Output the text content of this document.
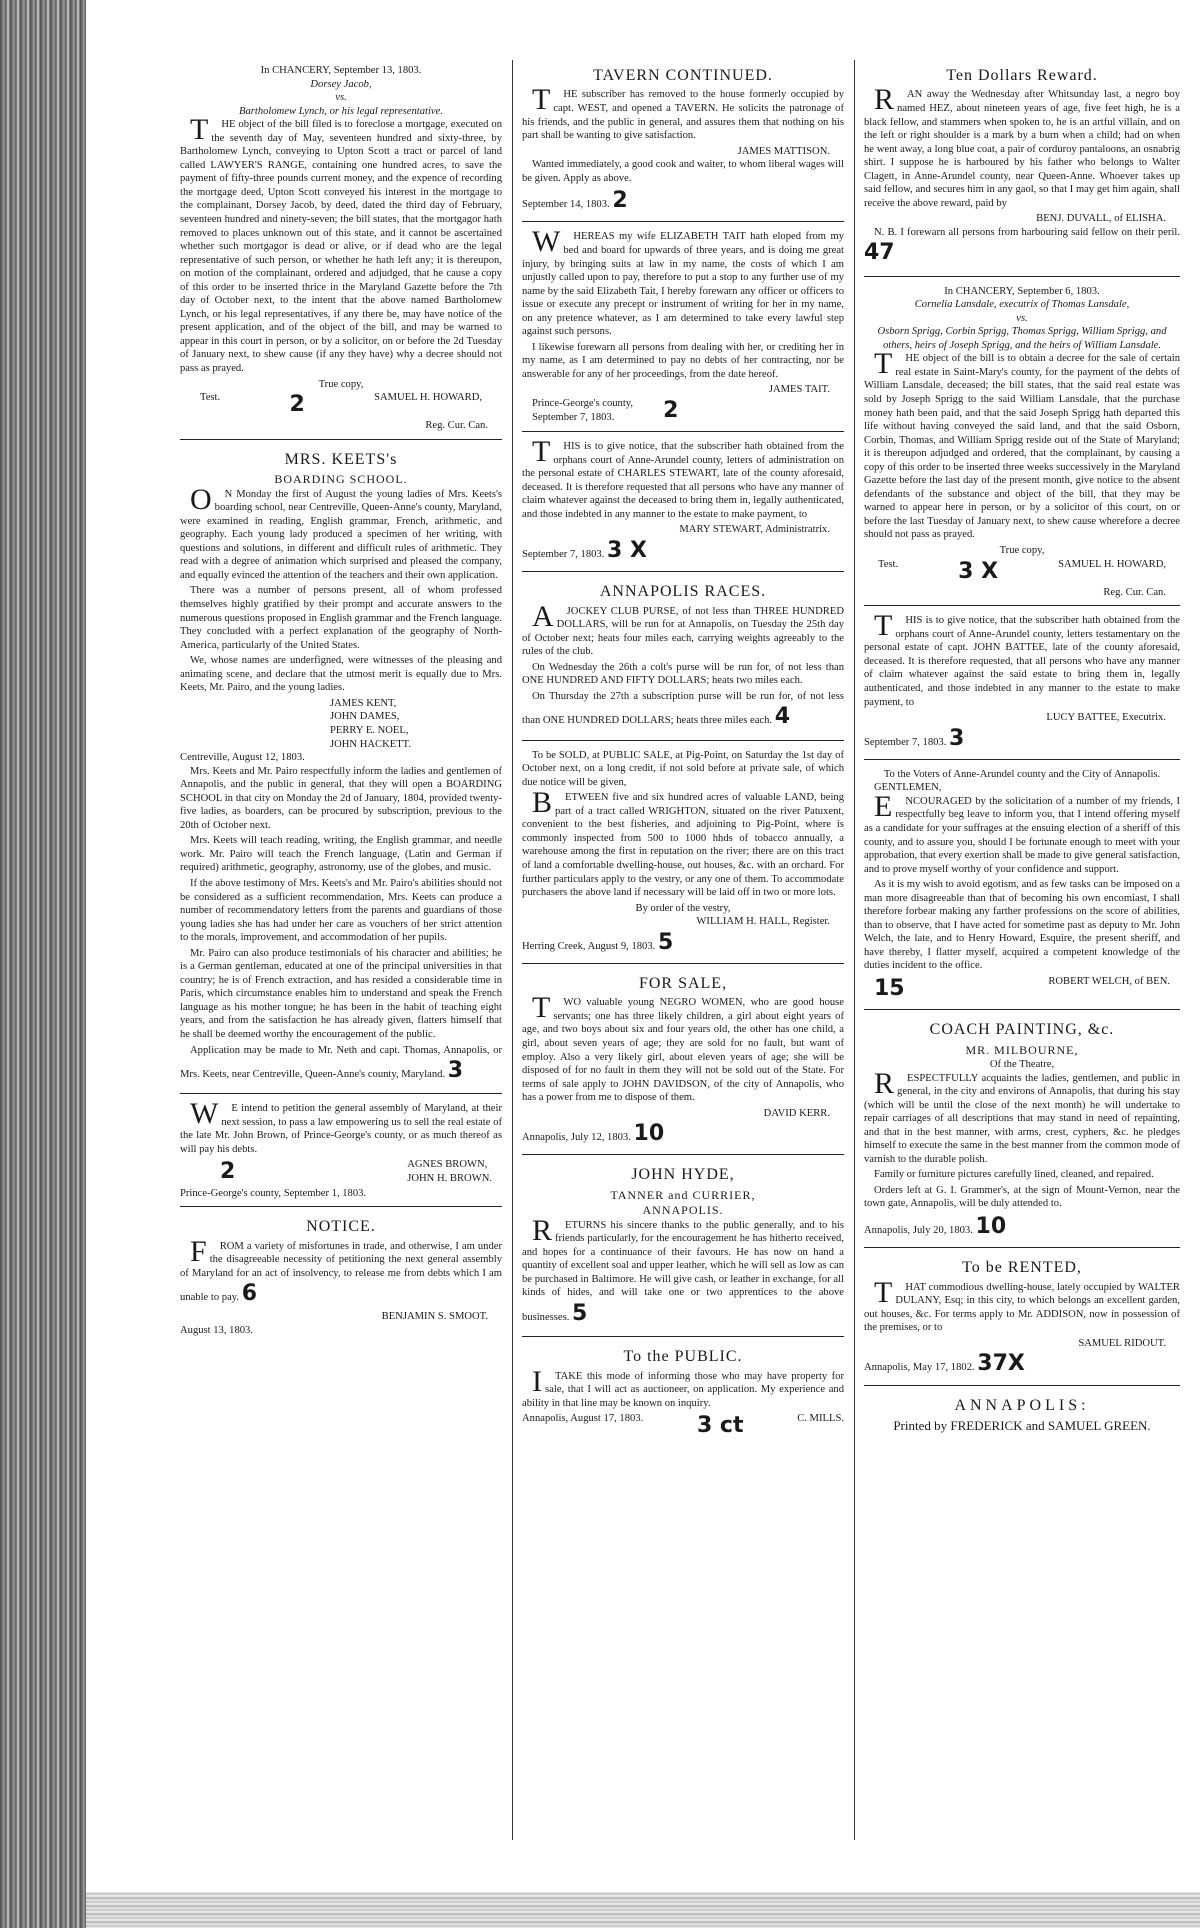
In CHANCERY, September 13, 1803.
Dorsey Jacob,
vs.
Bartholomew Lynch, or his legal representative.

THE object of the bill filed is to foreclose a mortgage, executed on the seventh day of May, seventeen hundred and sixty-three, by Bartholomew Lynch, conveying to Upton Scott a tract or parcel of land called LAWYER'S RANGE, containing one hundred acres, to save the payment of fifty-three pounds current money, and the expence of recording the mortgage deed, Upton Scott conveyed his interest in the mortgage to the complainant, Dorsey Jacob, by deed, dated the third day of February, seventeen hundred and ninety-seven; the bill states, that the mortgagor hath removed to places unknown out of this state, and it cannot be ascertained whether such mortgagor is dead or alive, or if dead who are the legal representative of such person, or whether he hath left any; it is thereupon, on motion of the complainant, ordered and adjudged, that he cause a copy of this order to be inserted thrice in the Maryland Gazette before the 7th day of October next, to the intent that the above named Bartholomew Lynch, or his legal representatives, if any there be, may have notice of the present application, and of the object of the bill, and may be warned to appear in this court in person, or by a solicitor, on or before the 2d Tuesday of January next, to shew cause (if any they have) why a decree should not pass as prayed.

True copy,
Test.	2	SAMUEL H. HOWARD,
Reg. Cur. Can.
MRS. KEETS's
BOARDING SCHOOL.

ON Monday the first of August the young ladies of Mrs. Keets's boarding school, near Centreville, Queen-Anne's county, Maryland, were examined in reading, English grammar, French, arithmetic, and geography. Each young lady produced a specimen of her writing, with questions and solutions, in different and difficult rules of arithmetic. They read with a degree of animation which surprised and pleased the company, and equally evinced the attention of the teachers and their own application.

There was a number of persons present, all of whom professed themselves highly gratified by their prompt and accurate answers to the numerous questions proposed in English grammar and the French language. They concluded with a perfect explanation of the geography of North-America, particularly of the United States.

We, whose names are underfigned, were witnesses of the pleasing and animating scene, and declare that the utmost merit is equally due to Mrs. Keets, Mr. Pairo, and the young ladies.

JAMES KENT,
JOHN DAMES,
PERRY E. NOEL,
JOHN HACKETT.
Centreville, August 12, 1803.

Mrs. Keets and Mr. Pairo respectfully inform the ladies and gentlemen of Annapolis, and the public in general, that they will open a BOARDING SCHOOL in that city on Monday the 2d of January, 1804, provided twenty-five ladies, as boarders, can be procured by subscription, previous to the 20th of October next.

Mrs. Keets will teach reading, writing, the English grammar, and needle work. Mr. Pairo will teach the French language, (Latin and German if required) arithmetic, geography, astronomy, use of the globes, and music.

If the above testimony of Mrs. Keets's and Mr. Pairo's abilities should not be considered as a sufficient recommendation, Mrs. Keets can produce a number of recommendatory letters from the parents and guardians of those young ladies she has had under her care as vouchers of her strict attention to the morals, improvement, and accommodation of her pupils.

Mr. Pairo can also produce testimonials of his character and abilities; he is a German gentleman, educated at one of the principal universities in that country; he is of French extraction, and has resided a considerable time in Paris, which circumstance enables him to understand and speak the French language as his mother tongue; he has been in the habit of teaching eight years, and from the satisfaction he has already given, flatters himself that he shall be deemed worthy the encouragement of the public.

Application may be made to Mr. Neth and capt. Thomas, Annapolis, or Mrs. Keets, near Centreville, Queen-Anne's county, Maryland. 3

WE intend to petition the general assembly of Maryland, at their next session, to pass a law empowering us to sell the real estate of the late Mr. John Brown, of Prince-George's county, or as much thereof as will pay his debts.

2	AGNES BROWN,
JOHN H. BROWN.
Prince-George's county, September 1, 1803.
NOTICE.

FROM a variety of misfortunes in trade, and otherwise, I am under the disagreeable necessity of petitioning the next general assembly of Maryland for an act of insolvency, to release me from debts which I am unable to pay. 6

BENJAMIN S. SMOOT.
August 13, 1803.
TAVERN CONTINUED.

THE subscriber has removed to the house formerly occupied by capt. WEST, and opened a TAVERN. He solicits the patronage of his friends, and the public in general, and assures them that nothing on his part shall be wanting to give satisfaction.

JAMES MATTISON.

Wanted immediately, a good cook and waiter, to whom liberal wages will be given. Apply as above.

September 14, 1803. 2

WHEREAS my wife ELIZABETH TAIT hath eloped from my bed and board for upwards of three years, and is doing me great injury, by bringing suits at law in my name, the costs of which I am unjustly called upon to pay, therefore to put a stop to any further use of my name by the said Elizabeth Tait, I hereby forewarn any officer or officers to issue or execute any precept or instrument of writing for her in my name, on any pretence whatever, as I am determined to take every lawful step against such persons.

I likewise forewarn all persons from dealing with her, or crediting her in my name, as I am determined to pay no debts of her contracting, nor be answerable for any of her proceedings, from the date hereof.

JAMES TAIT.
Prince-George's county,
September 7, 1803.	2

THIS is to give notice, that the subscriber hath obtained from the orphans court of Anne-Arundel county, letters of administration on the personal estate of CHARLES STEWART, late of the county aforesaid, deceased. It is therefore requested that all persons who have any manner of claim whatever against the deceased to bring them in, legally authenticated, and those indebted in any manner to the estate to make payment, to

MARY STEWART, Administratrix.
September 7, 1803. 3 X
ANNAPOLIS RACES.

AJOCKEY CLUB PURSE, of not less than THREE HUNDRED DOLLARS, will be run for at Annapolis, on Tuesday the 25th day of October next; heats four miles each, carrying weights agreeably to the rules of the club.

On Wednesday the 26th a colt's purse will be run for, of not less than ONE HUNDRED AND FIFTY DOLLARS; heats two miles each.

On Thursday the 27th a subscription purse will be run for, of not less than ONE HUNDRED DOLLARS; heats three miles each. 4

To be SOLD, at PUBLIC SALE, at Pig-Point, on Saturday the 1st day of October next, on a long credit, if not sold before at private sale, of which due notice will be given,

BETWEEN five and six hundred acres of valuable LAND, being part of a tract called WRIGHTON, situated on the river Patuxent, convenient to the best fisheries, and adjoining to Pig-Point, where is commonly inspected from 500 to 1000 hhds of tobacco annually, a warehouse among the first in reputation on the river; there are on this tract of land a comfortable dwelling-house, out houses, &c. with an orchard. For further particulars apply to the vestry, or any one of them. To accommodate purchasers the above land if necessary will be laid off in two or more lots.

By order of the vestry,
WILLIAM H. HALL, Register.
Herring Creek, August 9, 1803. 5
FOR SALE,

TWO valuable young NEGRO WOMEN, who are good house servants; one has three likely children, a girl about eight years of age, and two boys about six and four years old, the other has one child, a girl, about seven years of age; they are sold for no fault, but want of employ. Also a very likely girl, about eleven years of age; she will be disposed of for no fault in them they will not be sold out of the State. For terms of sale apply to JOHN DAVIDSON, of the city of Annapolis, who has a power from me to dispose of them.

DAVID KERR.
Annapolis, July 12, 1803. 10
JOHN HYDE,
TANNER and CURRIER,
ANNAPOLIS.

RETURNS his sincere thanks to the public generally, and to his friends particularly, for the encouragement he has hitherto received, and hopes for a continuance of their favours. He has now on hand a quantity of excellent soal and upper leather, which he will sell as low as can be purchased in Baltimore. He will give cash, or leather in exchange, for all kinds of hides, and will take one or two apprentices to the above businesses. 5

To the PUBLIC.

ITAKE this mode of informing those who may have property for sale, that I will act as auctioneer, on application. My experience and ability in that line may be known on inquiry.

Annapolis, August 17, 1803. 3 ct	C. MILLS.
Ten Dollars Reward.

RAN away the Wednesday after Whitsunday last, a negro boy named HEZ, about nineteen years of age, five feet high, he is a black fellow, and stammers when spoken to, he is an artful villain, and on the left or right shoulder is a mark by a burn when a child; had on when he went away, a long blue coat, a pair of corduroy pantaloons, an osnabrig shirt. I suppose he is harboured by his father who belongs to Walter Clagett, in Anne-Arundel county, near Queen-Anne. Whoever takes up said fellow, and secures him in any gaol, so that I may get him again, shall receive the above reward, paid by

BENJ. DUVALL, of ELISHA.

N. B. I forewarn all persons from harbouring said fellow on their peril. 47

In CHANCERY, September 6, 1803.
Cornelia Lansdale, executrix of Thomas Lansdale,
vs.
Osborn Sprigg, Corbin Sprigg, Thomas Sprigg, William Sprigg, and others, heirs of Joseph Sprigg, and the heirs of William Lansdale.

THE object of the bill is to obtain a decree for the sale of certain real estate in Saint-Mary's county, for the payment of the debts of William Lansdale, deceased; the bill states, that the said real estate was sold by Joseph Sprigg to the said William Lansdale, that the purchase money hath been paid, and that the said Joseph Sprigg hath departed this life without having conveyed the said land, and that the said Osborn, Corbin, Thomas, and William Sprigg reside out of the State of Maryland; it is thereupon adjudged and ordered, that the complainant, by causing a copy of this order to be inserted three weeks successively in the Maryland Gazette before the last day of the present month, give notice to the absent defendants of the substance and object of the bill, that they may be warned to appear here in person, or by a solicitor of this court, on or before the last Tuesday of January next, to shew cause wherefore a decree should not pass as prayed.

True copy,
Test.	3 X	SAMUEL H. HOWARD,
Reg. Cur. Can.

THIS is to give notice, that the subscriber hath obtained from the orphans court of Anne-Arundel county, letters testamentary on the personal estate of capt. JOHN BATTEE, late of the county aforesaid, deceased. It is therefore requested, that all persons who have any manner of claim whatever against the said estate to bring them in, legally authenticated, and those indebted in any manner to the estate to make payment, to

LUCY BATTEE, Executrix.
September 7, 1803. 3
To the Voters of Anne-Arundel county and the City of Annapolis.
GENTLEMEN,

ENCOURAGED by the solicitation of a number of my friends, I respectfully beg leave to inform you, that I intend offering myself as a candidate for your suffrages at the ensuing election of a sheriff of this county, and to assure you, should I be fortunate enough to meet with your approbation, that every exertion shall be made to give general satisfaction, and to prove myself worthy of your confidence and support.

As it is my wish to avoid egotism, and as few tasks can be imposed on a man more disagreeable than that of becoming his own encomiast, I shall therefore forbear making any farther professions on the score of abilities, than to observe, that I have acted for sometime past as deputy to Mr. John Welch, the late, and to Henry Howard, Esquire, the present sheriff, and have thereby, I flatter myself, acquired a competent knowledge of the duties incident to the office.

15	ROBERT WELCH, of BEN.
COACH PAINTING, &c.
MR. MILBOURNE,
Of the Theatre,

RESPECTFULLY acquaints the ladies, gentlemen, and public in general, in the city and environs of Annapolis, that during his stay (which will be until the close of the next month) he will undertake to repair carriages of all descriptions that may stand in need of repainting, and that in the best manner, with arms, crest, cyphers, &c. he pledges himself to execute the same in the best manner from the common mode of varnish to the durable polish.

Family or furniture pictures carefully lined, cleaned, and repaired.

Orders left at G. I. Grammer's, at the sign of Mount-Vernon, near the town gate, Annapolis, will be duly attended to.

Annapolis, July 20, 1803. 10
To be RENTED,

THAT commodious dwelling-house, lately occupied by WALTER DULANY, Esq; in this city, to which belongs an excellent garden, out houses, &c. For terms apply to Mr. ADDISON, now in possession of the premises, or to

SAMUEL RIDOUT.
Annapolis, May 17, 1802. 37X
ANNAPOLIS:
Printed by FREDERICK and SAMUEL GREEN.
